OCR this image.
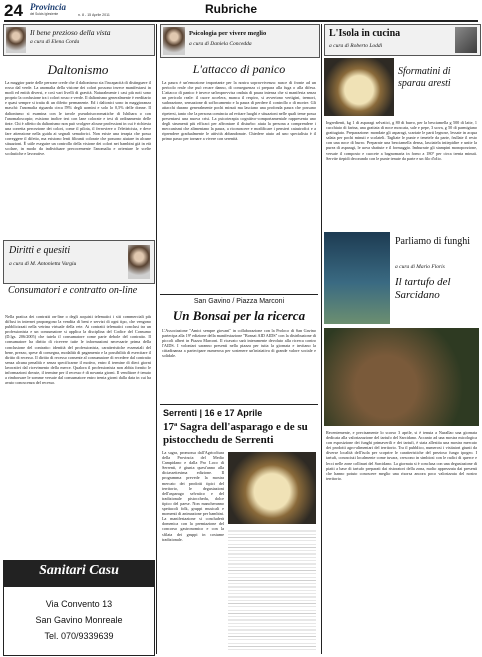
24 Provincia
del Sulcis Iglesiente	n. 8 - 15 Aprile 2011	Rubriche
Il bene prezioso della vista
a cura di Elena Corda
Daltonismo
La maggior parte delle persone crede che il daltonismo sia l'incapacità di distinguere il rosso dal verde. La anomalia della visione dei colori possono invece manifestarsi in modi ed entità diversi, e così vari livelli di gravità. Naturalmente i casi più noti sono proprio la confusione tra i colori rosso e verde. Il daltonismo generalmente è ereditario e quasi sempre si tratta di un difetto permanente. Ed i daltonici sono in maggioranza maschi: l'anomalia riguarda circa l'8% degli uomini e solo lo 0,5% delle donne. Il daltonismo si esamina con le tavole pseudoisocromatiche di Ishihara o con l'anomaloscopio; esistono inoltre test con lane colorate e test di ordinamento delle tinte. Chi è affetto da daltonismo non può svolgere alcune professioni in cui è richiesta una corretta percezione dei colori, come il pilota, il ferroviere o l'elettricista, e deve fare attenzione nella guida ai segnali semaforici. Non esiste una terapia che possa correggere il difetto, ma esistono lenti filtranti colorate che possono aiutare in alcune situazioni. È utile eseguire un controllo della visione dei colori nei bambini già in età scolare, in modo da individuare precocemente l'anomalia e orientare le scelte scolastiche e lavorative.
Diritti e quesiti
a cura di M. Antonietta Vargiu
Consumatori e contratto on-line
Nella pratica dei contratti on-line o degli acquisti telematici i siti commerciali più diffusi in internet propongono la vendita di beni e servizi di ogni tipo, che vengono pubblicizzati nella vetrina virtuale della rete. Ai contratti telematici conclusi tra un professionista e un consumatore si applica la disciplina del Codice del Consumo (D.lgs. 206/2005) che tutela il consumatore come parte debole del contratto. Il consumatore ha diritto di ricevere tutte le informazioni necessarie prima della conclusione del contratto: identità del professionista, caratteristiche essenziali del bene, prezzo, spese di consegna, modalità di pagamento e la possibilità di esercitare il diritto di recesso. Il diritto di recesso consente al consumatore di recedere dal contratto senza alcuna penalità e senza specificarne il motivo, entro il termine di dieci giorni lavorativi dal ricevimento della merce. Qualora il professionista non abbia fornito le informazioni dovute, il termine per il recesso è di novanta giorni. Il venditore è tenuto a rimborsare le somme versate dal consumatore entro trenta giorni dalla data in cui ha avuto conoscenza del recesso.
Sanitari Casu
Via Convento 13
San Gavino Monreale
Tel. 070/9339639
Psicologia per vivere meglio
a cura di Daniela Concedda
L'attacco di panico
La paura è un'emozione importante per la nostra sopravvivenza: nasce di fronte ad un pericolo reale che può recare danno, di conseguenza ci prepara alla fuga o alla difesa. L'attacco di panico è invece un'improvvisa ondata di paura intensa che si manifesta senza un pericolo reale: il cuore accelera, manca il respiro, si avvertono vertigini, tremori, sudorazione, sensazione di soffocamento e la paura di perdere il controllo o di morire. Gli attacchi durano generalmente pochi minuti ma lasciano una profonda paura che possano ripetersi, tanto che la persona comincia ad evitare luoghi e situazioni nelle quali teme possa presentarsi una nuova crisi. La psicoterapia cognitivo-comportamentale rappresenta uno degli strumenti più efficaci per affrontare il disturbo: aiuta la persona a comprendere i meccanismi che alimentano la paura, a riconoscere e modificare i pensieri catastrofici e a riprendere gradualmente le attività abbandonate. Chiedere aiuto ad uno specialista è il primo passo per tornare a vivere con serenità.
San Gavino / Piazza Marconi
Un Bonsai per la ricerca
L'Associazione "Amici sempre giovani" in collaborazione con la Proloco di San Gavino partecipa alla 19ª edizione della manifestazione "Bonsai AID AIDS" con la distribuzione di piccoli alberi in Piazza Marconi. Il ricavato sarà interamente devoluto alla ricerca contro l'AIDS. I volontari saranno presenti nella piazza per tutta la giornata e invitano la cittadinanza a partecipare numerosa per sostenere un'iniziativa di grande valore sociale e solidale.
Serrenti | 16 e 17 Aprile
17ª Sagra dell'asparago e de su pistocchedu de Serrenti
La sagra, promossa dall'Agricoltura della Provincia del Medio Campidano e dalla Pro Loco di Serrenti, è giunta quest'anno alla diciassettesima edizione. Il programma prevede la mostra mercato dei prodotti tipici del territorio, le degustazioni dell'asparago selvatico e del tradizionale pistocchedu, dolce tipico del paese. Non mancheranno spettacoli folk, gruppi musicali e momenti di animazione per bambini. La manifestazione si concluderà domenica con la premiazione del concorso gastronomico e con la sfilata dei gruppi in costume tradizionale.
L'Isola in cucina
a cura di Roberto Loddi
Sformatini di sparau aresti
Ingredienti, kg 1 di asparagi selvatici, g 80 di burro, per la besciamella g 500 di latte, 1 cucchiaio di farina, una grattata di noce moscata, sale e pepe, 3 uova, g 50 di parmigiano grattugiato. Preparazione: mondate gli asparagi, scartate le parti legnose, lessate in acqua salata per pochi minuti e scolateli. Tagliate le punte e tenetele da parte, frullate il resto con una noce di burro. Preparate una besciamella densa, lasciatela intiepidire e unite la purea di asparagi, le uova sbattute e il formaggio. Imburrate gli stampini monoporzione, versate il composto e cuocete a bagnomaria in forno a 180° per circa trenta minuti. Servite tiepidi decorando con le punte tenute da parte e un filo d'olio.
Parliamo di funghi
a cura di Mario Floris
Il tartufo del Sarcidano
Recentemente, e precisamente lo scorso 3 aprile, si è tenuta a Nurallao una giornata dedicata alla valorizzazione del tartufo del Sarcidano. Accanto ad una mostra micologica con esposizione dei funghi primaverili e dei tartufi, è stata allestita una mostra mercato dei prodotti agro-alimentari del territorio. Tra il pubblico, numerosi i visitatori giunti da diverse località dell'isola per scoprire le caratteristiche del prezioso fungo ipogeo. I tartufi, conosciuti localmente come tuvara, crescono in simbiosi con le radici di querce e lecci nelle zone collinari del Sarcidano. La giornata si è conclusa con una degustazione di piatti a base di tartufo preparati dai ristoratori della zona, molto apprezzata dai presenti che hanno potuto conoscere meglio una risorsa ancora poco valorizzata del nostro territorio.
